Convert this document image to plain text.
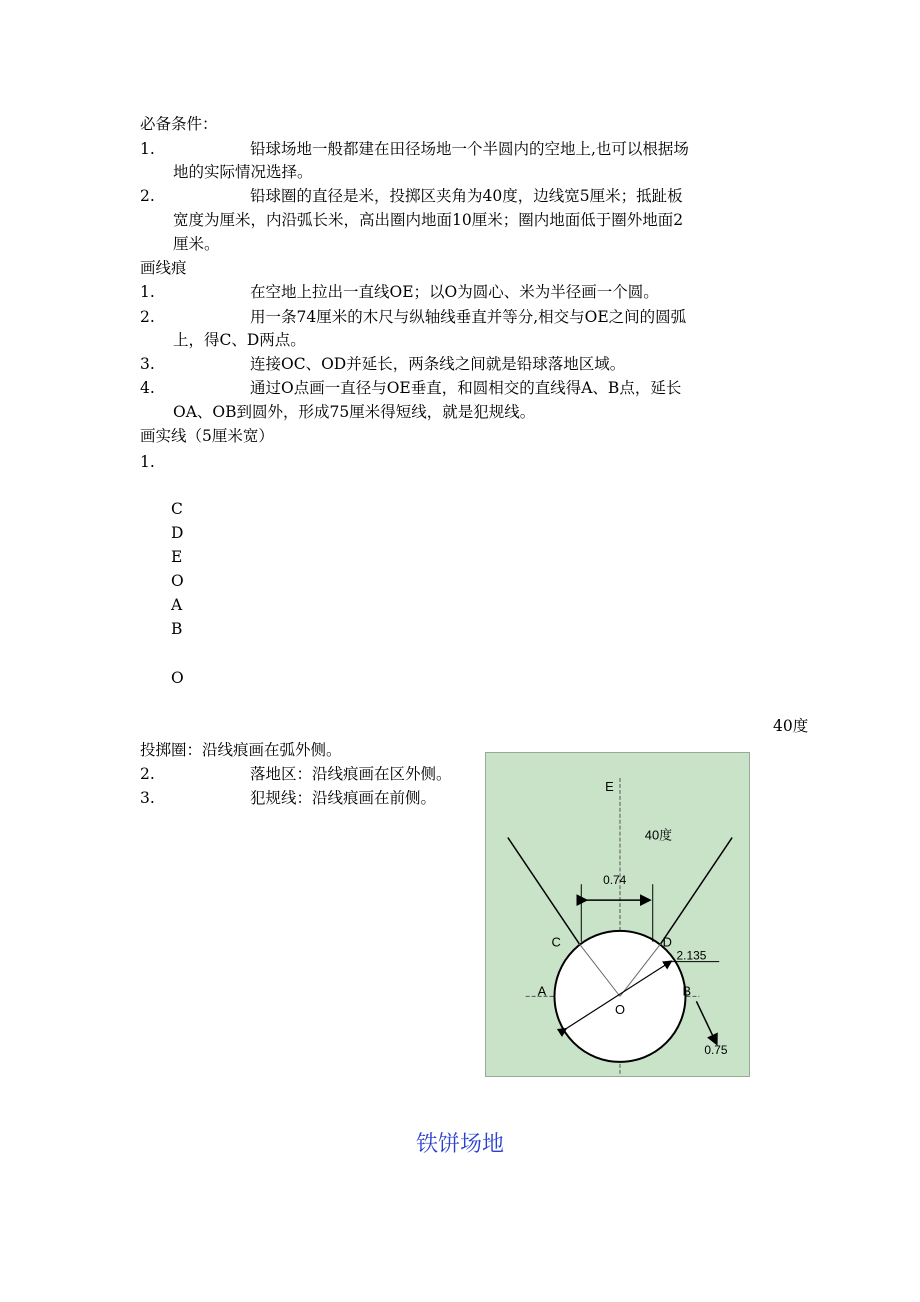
必备条件：
1.	铅球场地一般都建在田径场地一个半圆内的空地上,也可以根据场
地的实际情况选择。
2.	铅球圈的直径是米，投掷区夹角为40度，边线宽5厘米；抵趾板
宽度为厘米，内沿弧长米，高出圈内地面10厘米；圈内地面低于圈外地面2
厘米。
画线痕
1.	在空地上拉出一直线OE；以O为圆心、米为半径画一个圆。
2.	用一条74厘米的木尺与纵轴线垂直并等分,相交与OE之间的圆弧
上，得C、D两点。
3.	连接OC、OD并延长，两条线之间就是铅球落地区域。
4.	通过O点画一直径与OE垂直，和圆相交的直线得A、B点，延长
OA、OB到圆外，形成75厘米得短线，就是犯规线。
画实线（5厘米宽）
1.
C
D
E
O
A
B
O
40度
投掷圈：沿线痕画在弧外侧。
2.	落地区：沿线痕画在区外侧。
3.	犯规线：沿线痕画在前侧。
E
40度
0.74
C	D
2.135
A	B
O
0.75
铁饼场地
